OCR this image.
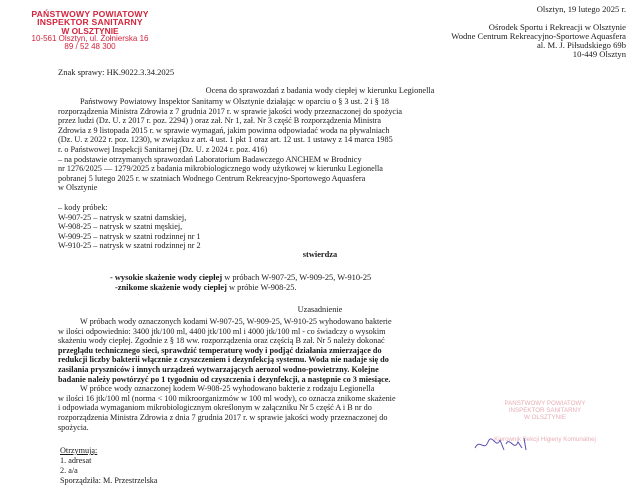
PAŃSTWOWY POWIATOWY
INSPEKTOR SANITARNY
W OLSZTYNIE
10-561 Olsztyn, ul. Żołnierska 16
89 / 52 48 300
Olsztyn, 19 lutego 2025 r.
Ośrodek Sportu i Rekreacji w Olsztynie
Wodne Centrum Rekreacyjno-Sportowe Aquasfera
al. M. J. Piłsudskiego 69b
10-449 Olsztyn
Znak sprawy: HK.9022.3.34.2025
Ocena do sprawozdań z badania wody ciepłej w kierunku Legionella
Państwowy Powiatowy Inspektor Sanitarny w Olsztynie działając w oparciu o § 3 ust. 2 i § 18
rozporządzenia Ministra Zdrowia z 7 grudnia 2017 r. w sprawie jakości wody przeznaczonej do spożycia
przez ludzi (Dz. U. z 2017 r. poz. 2294) ) oraz zał. Nr 1, zał. Nr 3 część B rozporządzenia Ministra
Zdrowia z 9 listopada 2015 r. w sprawie wymagań, jakim powinna odpowiadać woda na pływalniach
(Dz. U. z 2022 r. poz. 1230), w związku z art. 4 ust. 1 pkt 1 oraz art. 12 ust. 1 ustawy z 14 marca 1985
r. o Państwowej Inspekcji Sanitarnej (Dz. U. z 2024 r. poz. 416)
– na podstawie otrzymanych sprawozdań Laboratorium Badawczego ANCHEM w Brodnicy
nr 1276/2025 — 1279/2025 z badania mikrobiologicznego wody użytkowej w kierunku Legionella
pobranej 5 lutego 2025 r. w szatniach Wodnego Centrum Rekreacyjno-Sportowego Aquasfera
w Olsztynie
– kody próbek:
W-907-25 – natrysk w szatni damskiej,
W-908-25 – natrysk w szatni męskiej,
W-909-25 – natrysk w szatni rodzinnej nr 1
W-910-25 – natrysk w szatni rodzinnej nr 2
stwierdza
- wysokie skażenie wody ciepłej w próbach W-907-25, W-909-25, W-910-25
-znikome skażenie wody ciepłej w próbie W-908-25.
Uzasadnienie
W próbach wody oznaczonych kodami W-907-25, W-909-25, W-910-25 wyhodowano bakterie
w ilości odpowiednio: 3400 jtk/100 ml, 4400 jtk/100 ml i 4000 jtk/100 ml - co świadczy o wysokim
skażeniu wody ciepłej. Zgodnie z § 18 ww. rozporządzenia oraz częścią B zał. Nr 5 należy dokonać
przeglądu technicznego sieci, sprawdzić temperaturę wody i podjąć działania zmierzające do
redukcji liczby bakterii włącznie z czyszczeniem i dezynfekcją systemu. Woda nie nadaje się do
zasilania pryszniców i innych urządzeń wytwarzających aerozol wodno-powietrzny. Kolejne
badanie należy powtórzyć po 1 tygodniu od czyszczenia i dezynfekcji, a następnie co 3 miesiące.
W próbce wody oznaczonej kodem W-908-25 wyhodowano bakterie z rodzaju Legionella
w ilości 16 jtk/100 ml (norma < 100 mikroorganizmów w 100 ml wody), co oznacza znikome skażenie
i odpowiada wymaganiom mikrobiologicznym określonym w załączniku Nr 5 część A i B nr do
rozporządzenia Ministra Zdrowia z dnia 7 grudnia 2017 r. w sprawie jakości wody przeznaczonej do
spożycia.
Otrzymują:
1. adresat
2. a/a
Sporządziła: M. Przestrzelska
PAŃSTWOWY POWIATOWY
INSPEKTOR SANITARNY
W OLSZTYNIE
Kierownik Sekcji Higieny Komunalnej
